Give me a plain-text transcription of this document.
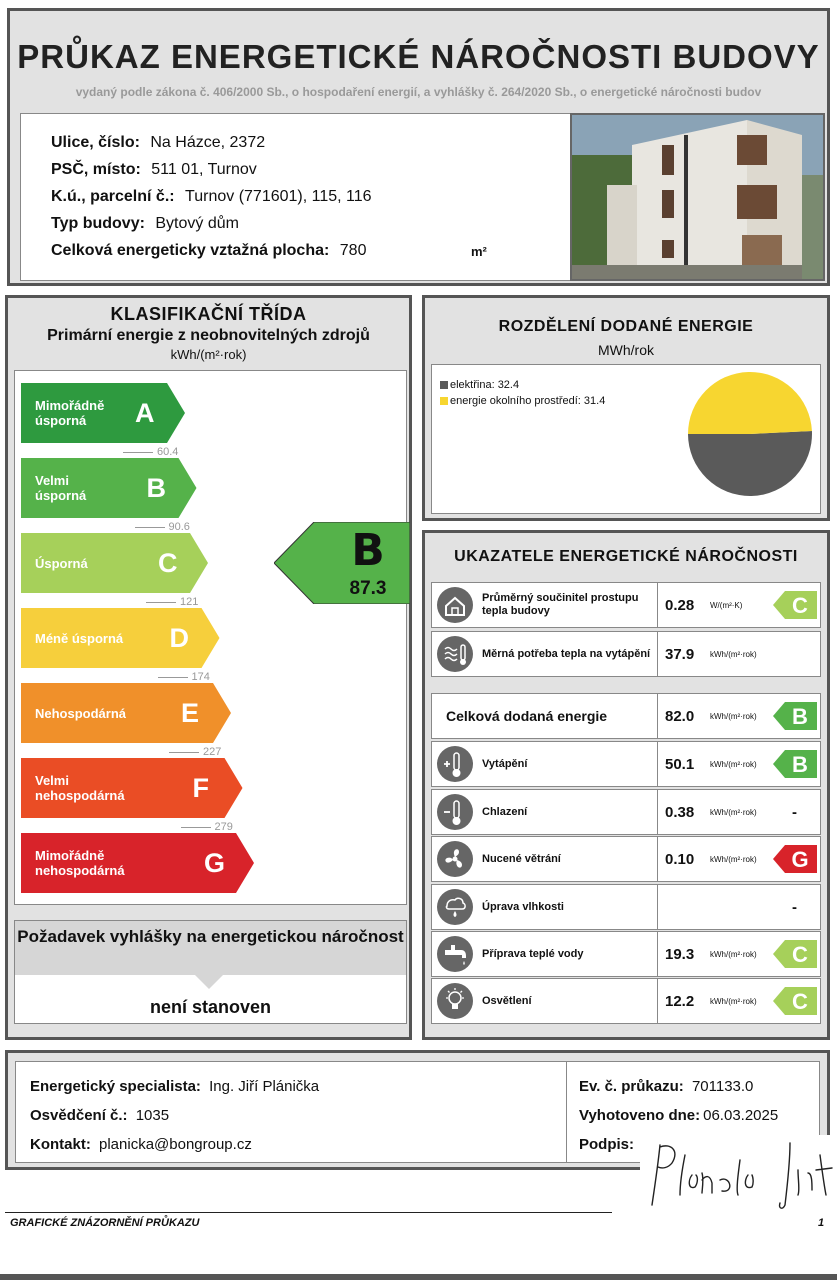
PRŮKAZ ENERGETICKÉ NÁROČNOSTI BUDOVY
vydaný podle zákona č. 406/2000 Sb., o hospodaření energií, a vyhlášky č. 264/2020 Sb., o energetické náročnosti budov
Ulice, číslo: Na Házce, 2372
PSČ, místo: 511 01, Turnov
K.ú., parcelní č.: Turnov (771601), 115, 116
Typ budovy: Bytový dům
Celková energeticky vztažná plocha: 780	m²
KLASIFIKAČNÍ TŘÍDA
Primární energie z neobnovitelných zdrojů
kWh/(m²·rok)
Mimořádně
úsporná	A
60.4
Velmi
úsporná B
90.6
Úsporná	C
121
Méně úsporná D
174
Nehospodárná E
227
Velmi
nehospodárná	F
279
Mimořádně
nehospodárná	G
B
87.3
Požadavek vyhlášky na energetickou náročnost
není stanoven
ROZDĚLENÍ DODANÉ ENERGIE
MWh/rok
elektřina: 32.4
energie okolního prostředí: 31.4
UKAZATELE ENERGETICKÉ NÁROČNOSTI
Průměrný součinitel prostupu tepla budovy	0.28 W/(m²·K) C
Měrná potřeba tepla na vytápění 37.9 kWh/(m²·rok)
Celková dodaná energie	82.0 kWh/(m²·rok) B
Vytápění	50.1 kWh/(m²·rok) B
Chlazení	0.38 kWh/(m²·rok) -
Nucené větrání	0.10 kWh/(m²·rok) G
Úprava vlhkosti	-
Příprava teplé vody	19.3 kWh/(m²·rok) C
Osvětlení	12.2 kWh/(m²·rok) C
Energetický specialista: Ing. Jiří Plánička
Osvědčení č.: 1035
Kontakt: planicka@bongroup.cz
Ev. č. průkazu: 701133.0
Vyhotoveno dne: 06.03.2025
Podpis:
GRAFICKÉ ZNÁZORNĚNÍ PRŮKAZU	1
